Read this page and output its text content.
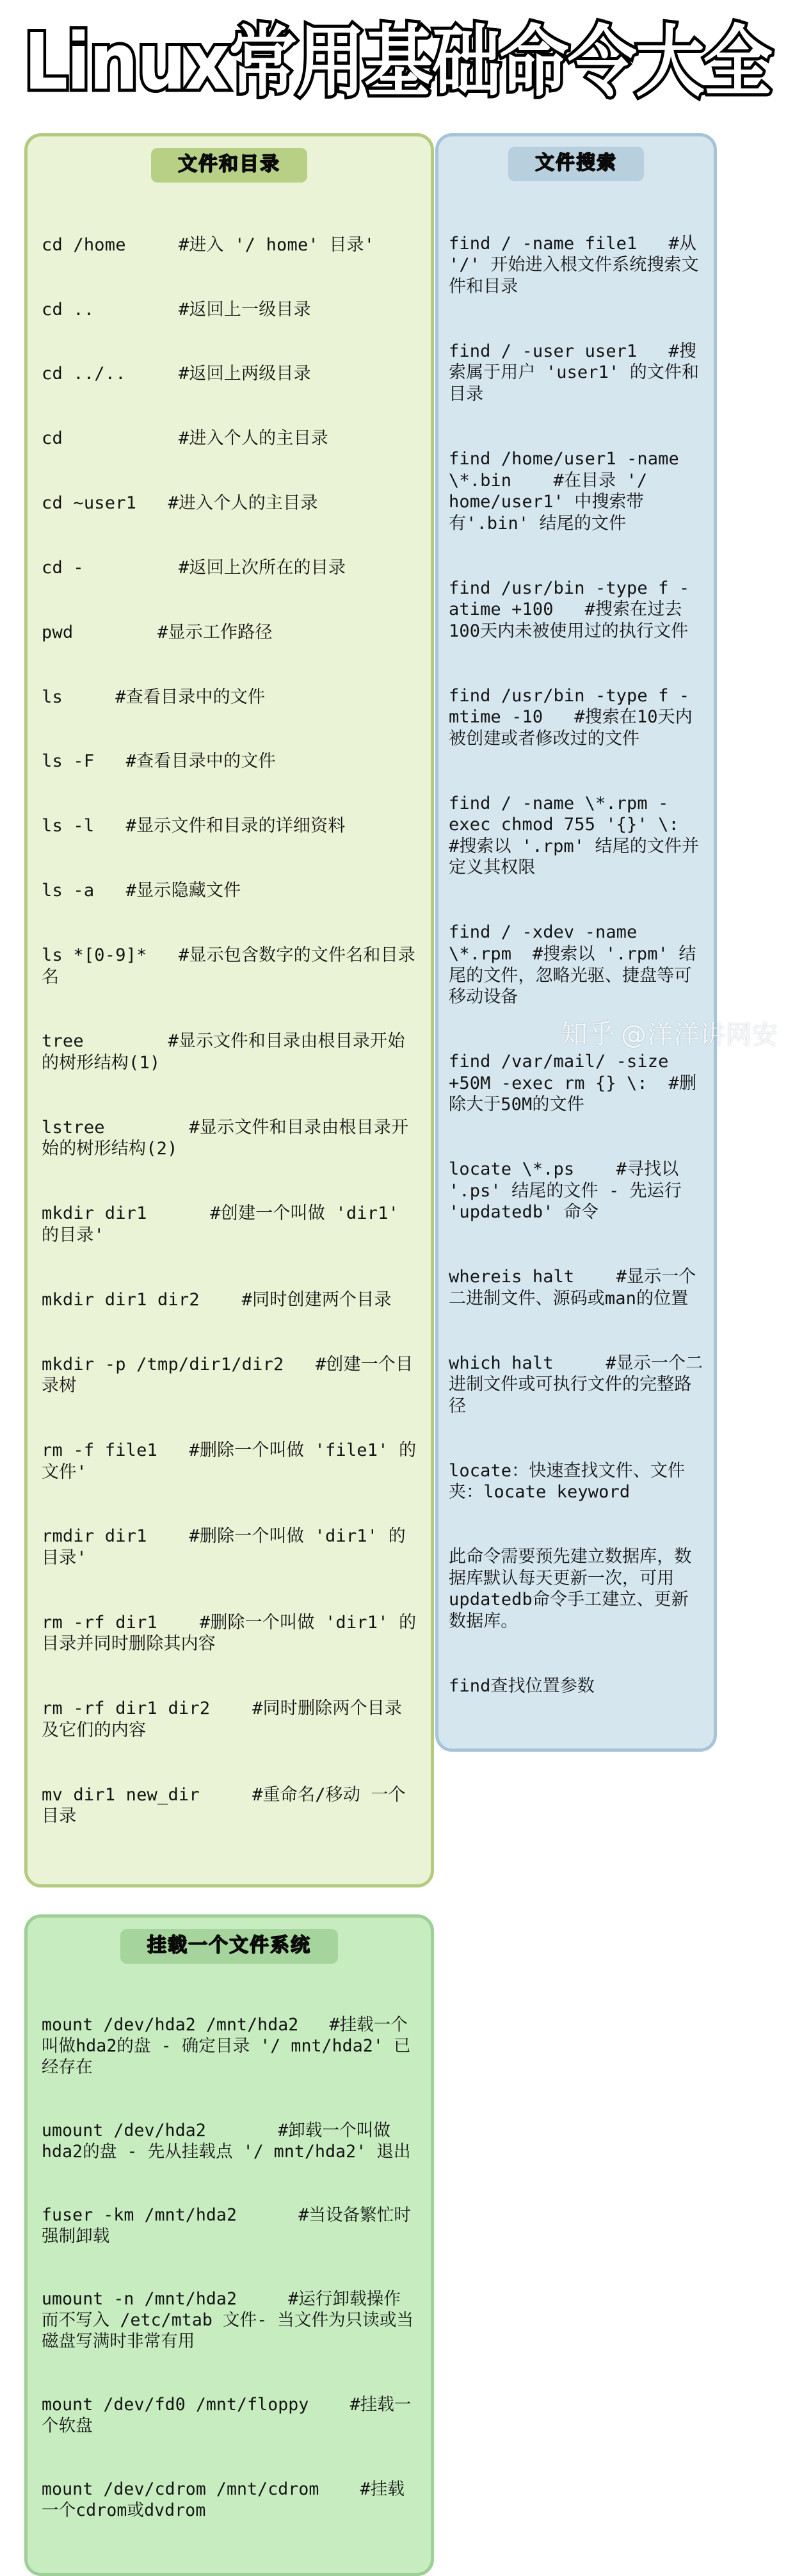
Linux常用基础命令大全
文件和目录

cd /home     #进入 '/ home' 目录'

cd ..        #返回上一级目录

cd ../..     #返回上两级目录

cd           #进入个人的主目录

cd ~user1   #进入个人的主目录

cd -         #返回上次所在的目录

pwd        #显示工作路径

ls     #查看目录中的文件

ls -F   #查看目录中的文件

ls -l   #显示文件和目录的详细资料

ls -a   #显示隐藏文件

ls *[0-9]*   #显示包含数字的文件名和目录名

tree        #显示文件和目录由根目录开始的树形结构(1)

lstree        #显示文件和目录由根目录开始的树形结构(2)

mkdir dir1      #创建一个叫做 'dir1' 的目录'

mkdir dir1 dir2    #同时创建两个目录

mkdir -p /tmp/dir1/dir2   #创建一个目录树

rm -f file1   #删除一个叫做 'file1' 的文件'

rmdir dir1    #删除一个叫做 'dir1' 的目录'

rm -rf dir1    #删除一个叫做 'dir1' 的目录并同时删除其内容

rm -rf dir1 dir2    #同时删除两个目录及它们的内容

mv dir1 new_dir     #重命名/移动 一个目录

挂载一个文件系统

mount /dev/hda2 /mnt/hda2   #挂载一个叫做hda2的盘 - 确定目录 '/ mnt/hda2' 已经存在

umount /dev/hda2       #卸载一个叫做hda2的盘 - 先从挂载点 '/ mnt/hda2' 退出

fuser -km /mnt/hda2      #当设备繁忙时强制卸载

umount -n /mnt/hda2     #运行卸载操作而不写入 /etc/mtab 文件- 当文件为只读或当磁盘写满时非常有用

mount /dev/fd0 /mnt/floppy    #挂载一个软盘

mount /dev/cdrom /mnt/cdrom    #挂载一个cdrom或dvdrom

文件搜索

find / -name file1   #从 '/' 开始进入根文件系统搜索文件和目录

find / -user user1   #搜索属于用户 'user1' 的文件和目录

find /home/user1 -name \*.bin    #在目录 '/ home/user1' 中搜索带有'.bin' 结尾的文件

find /usr/bin -type f -atime +100   #搜索在过去100天内未被使用过的执行文件

find /usr/bin -type f -mtime -10   #搜索在10天内被创建或者修改过的文件

find / -name \*.rpm -exec chmod 755 '{}' \:    #搜索以 '.rpm' 结尾的文件并定义其权限

find / -xdev -name \*.rpm  #搜索以 '.rpm' 结尾的文件，忽略光驱、捷盘等可移动设备

find /var/mail/ -size +50M -exec rm {} \:  #删除大于50M的文件

locate \*.ps    #寻找以 '.ps' 结尾的文件 - 先运行 'updatedb' 命令

whereis halt    #显示一个二进制文件、源码或man的位置

which halt     #显示一个二进制文件或可执行文件的完整路径

locate：快速查找文件、文件夹：locate keyword

此命令需要预先建立数据库，数据库默认每天更新一次，可用updatedb命令手工建立、更新数据库。

find查找位置参数

知乎 @洋洋讲网安
